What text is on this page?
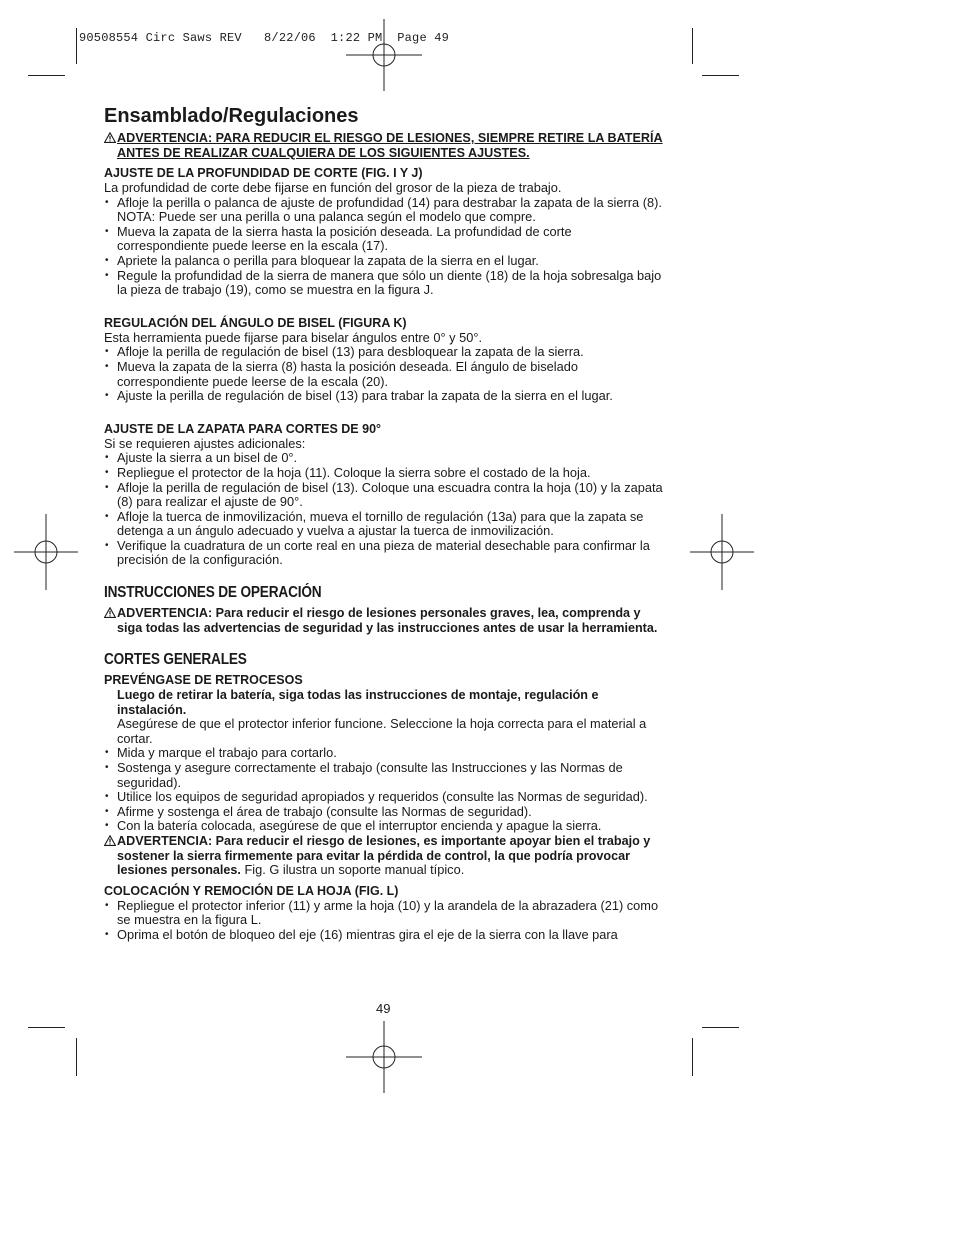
90508554 Circ Saws REV   8/22/06  1:22 PM  Page 49
Ensamblado/Regulaciones
ADVERTENCIA: PARA REDUCIR EL RIESGO DE LESIONES, SIEMPRE RETIRE LA BATERÍA ANTES DE REALIZAR CUALQUIERA DE LOS SIGUIENTES AJUSTES.
AJUSTE DE LA PROFUNDIDAD DE CORTE (FIG. I Y J)

La profundidad de corte debe fijarse en función del grosor de la pieza de trabajo.

• Afloje la perilla o palanca de ajuste de profundidad (14) para destrabar la zapata de la sierra (8). NOTA: Puede ser una perilla o una palanca según el modelo que compre.
• Mueva la zapata de la sierra hasta la posición deseada. La profundidad de corte correspondiente puede leerse en la escala (17).
• Apriete la palanca o perilla para bloquear la zapata de la sierra en el lugar.
• Regule la profundidad de la sierra de manera que sólo un diente (18) de la hoja sobresalga bajo la pieza de trabajo (19), como se muestra en la figura J.
REGULACIÓN DEL ÁNGULO DE BISEL (FIGURA K)

Esta herramienta puede fijarse para biselar ángulos entre 0° y 50°.

• Afloje la perilla de regulación de bisel (13) para desbloquear la zapata de la sierra.
• Mueva la zapata de la sierra (8) hasta la posición deseada. El ángulo de biselado correspondiente puede leerse de la escala (20).
• Ajuste la perilla de regulación de bisel (13) para trabar la zapata de la sierra en el lugar.
AJUSTE DE LA ZAPATA PARA CORTES DE 90°

Si se requieren ajustes adicionales:

• Ajuste la sierra a un bisel de 0°.
• Repliegue el protector de la hoja (11). Coloque la sierra sobre el costado de la hoja.
• Afloje la perilla de regulación de bisel (13). Coloque una escuadra contra la hoja (10) y la zapata (8) para realizar el ajuste de 90°.
• Afloje la tuerca de inmovilización, mueva el tornillo de regulación (13a) para que la zapata se detenga a un ángulo adecuado y vuelva a ajustar la tuerca de inmovilización.
• Verifique la cuadratura de un corte real en una pieza de material desechable para confirmar la precisión de la configuración.
INSTRUCCIONES DE OPERACIÓN
ADVERTENCIA: Para reducir el riesgo de lesiones personales graves, lea, comprenda y siga todas las advertencias de seguridad y las instrucciones antes de usar la herramienta.
CORTES GENERALES
PREVÉNGASE DE RETROCESOS

Luego de retirar la batería, siga todas las instrucciones de montaje, regulación e instalación.

Asegúrese de que el protector inferior funcione. Seleccione la hoja correcta para el material a cortar.

• Mida y marque el trabajo para cortarlo.
• Sostenga y asegure correctamente el trabajo (consulte las Instrucciones y las Normas de seguridad).
• Utilice los equipos de seguridad apropiados y requeridos (consulte las Normas de seguridad).
• Afirme y sostenga el área de trabajo (consulte las Normas de seguridad).
• Con la batería colocada, asegúrese de que el interruptor encienda y apague la sierra.
ADVERTENCIA: Para reducir el riesgo de lesiones, es importante apoyar bien el trabajo y sostener la sierra firmemente para evitar la pérdida de control, la que podría provocar lesiones personales. Fig. G ilustra un soporte manual típico.
COLOCACIÓN Y REMOCIÓN DE LA HOJA (FIG. L)
• Repliegue el protector inferior (11) y arme la hoja (10) y la arandela de la abrazadera (21) como se muestra en la figura L.
• Oprima el botón de bloqueo del eje (16) mientras gira el eje de la sierra con la llave para
49
